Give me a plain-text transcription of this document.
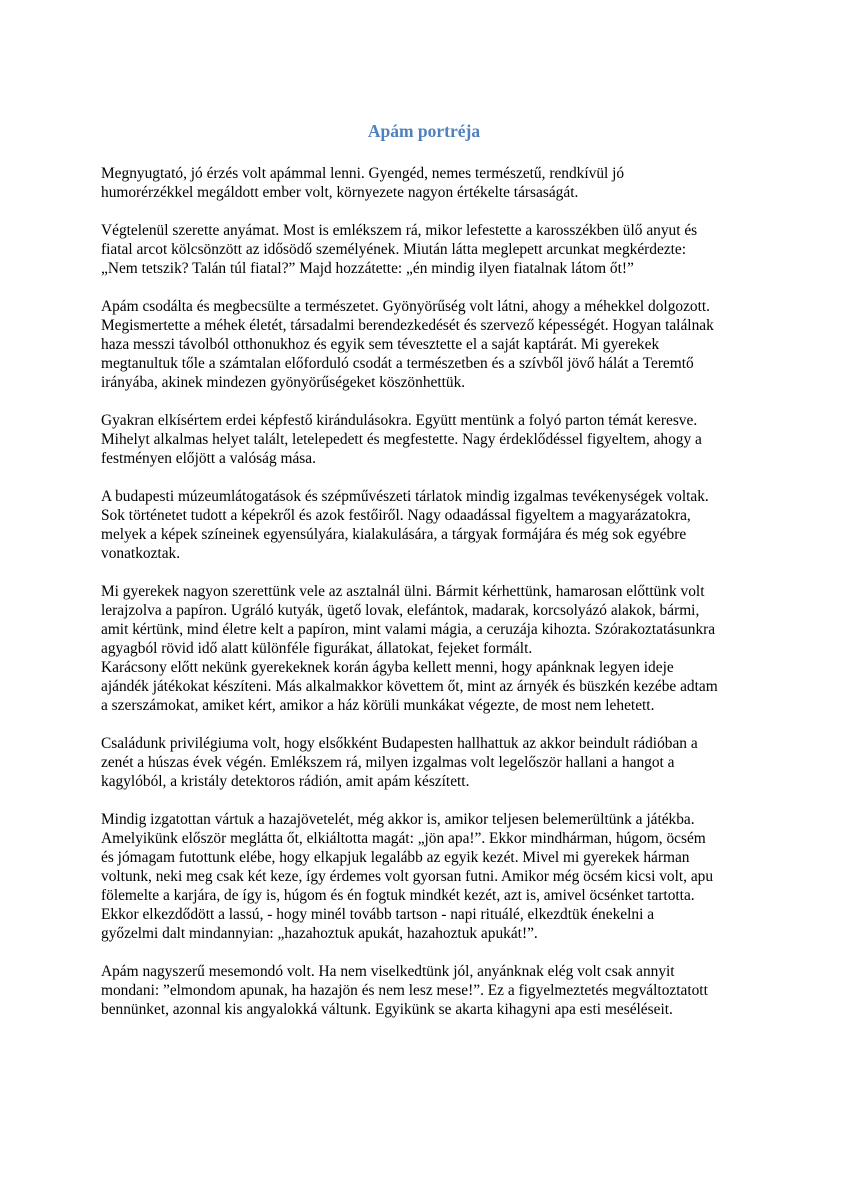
Apám portréja

Megnyugtató, jó érzés volt apámmal lenni. Gyengéd, nemes természetű, rendkívül jó
humorérzékkel megáldott ember volt, környezete nagyon értékelte társaságát.

Végtelenül szerette anyámat. Most is emlékszem rá, mikor lefestette a karosszékben ülő anyut és
fiatal arcot kölcsönzött az idősödő személyének. Miután látta meglepett arcunkat megkérdezte:
„Nem tetszik? Talán túl fiatal?” Majd hozzátette: „én mindig ilyen fiatalnak látom őt!”

Apám csodálta és megbecsülte a természetet. Gyönyörűség volt látni, ahogy a méhekkel dolgozott.
Megismertette a méhek életét, társadalmi berendezkedését és szervező képességét. Hogyan találnak
haza messzi távolból otthonukhoz és egyik sem tévesztette el a saját kaptárát. Mi gyerekek
megtanultuk tőle a számtalan előforduló csodát a természetben és a szívből jövő hálát a Teremtő
irányába, akinek mindezen gyönyörűségeket köszönhettük.

Gyakran elkísértem erdei képfestő kirándulásokra. Együtt mentünk a folyó parton témát keresve.
Mihelyt alkalmas helyet talált, letelepedett és megfestette. Nagy érdeklődéssel figyeltem, ahogy a
festményen előjött a valóság mása.

A budapesti múzeumlátogatások és szépművészeti tárlatok mindig izgalmas tevékenységek voltak.
Sok történetet tudott a képekről és azok festőiről. Nagy odaadással figyeltem a magyarázatokra,
melyek a képek színeinek egyensúlyára, kialakulására, a tárgyak formájára és még sok egyébre
vonatkoztak.

Mi gyerekek nagyon szerettünk vele az asztalnál ülni. Bármit kérhettünk, hamarosan előttünk volt
lerajzolva a papíron. Ugráló kutyák, ügető lovak, elefántok, madarak, korcsolyázó alakok, bármi,
amit kértünk, mind életre kelt a papíron, mint valami mágia, a ceruzája kihozta. Szórakoztatásunkra
agyagból rövid idő alatt különféle figurákat, állatokat, fejeket formált.
Karácsony előtt nekünk gyerekeknek korán ágyba kellett menni, hogy apánknak legyen ideje
ajándék játékokat készíteni. Más alkalmakkor követtem őt, mint az árnyék és büszkén kezébe adtam
a szerszámokat, amiket kért, amikor a ház körüli munkákat végezte, de most nem lehetett.

Családunk privilégiuma volt, hogy elsőkként Budapesten hallhattuk az akkor beindult rádióban a
zenét a húszas évek végén. Emlékszem rá, milyen izgalmas volt legelőször hallani a hangot a
kagylóból, a kristály detektoros rádión, amit apám készített.

Mindig izgatottan vártuk a hazajövetelét, még akkor is, amikor teljesen belemerültünk a játékba.
Amelyikünk először meglátta őt, elkiáltotta magát: „jön apa!”. Ekkor mindhárman, húgom, öcsém
és jómagam futottunk elébe, hogy elkapjuk legalább az egyik kezét. Mivel mi gyerekek hárman
voltunk, neki meg csak két keze, így érdemes volt gyorsan futni. Amikor még öcsém kicsi volt, apu
fölemelte a karjára, de így is, húgom és én fogtuk mindkét kezét, azt is, amivel öcsénket tartotta.
Ekkor elkezdődött a lassú, - hogy minél tovább tartson - napi rituálé, elkezdtük énekelni a
győzelmi dalt mindannyian: „hazahoztuk apukát, hazahoztuk apukát!”.

Apám nagyszerű mesemondó volt. Ha nem viselkedtünk jól, anyánknak elég volt csak annyit
mondani: ”elmondom apunak, ha hazajön és nem lesz mese!”. Ez a figyelmeztetés megváltoztatott
bennünket, azonnal kis angyalokká váltunk. Egyikünk se akarta kihagyni apa esti meséléseit.
